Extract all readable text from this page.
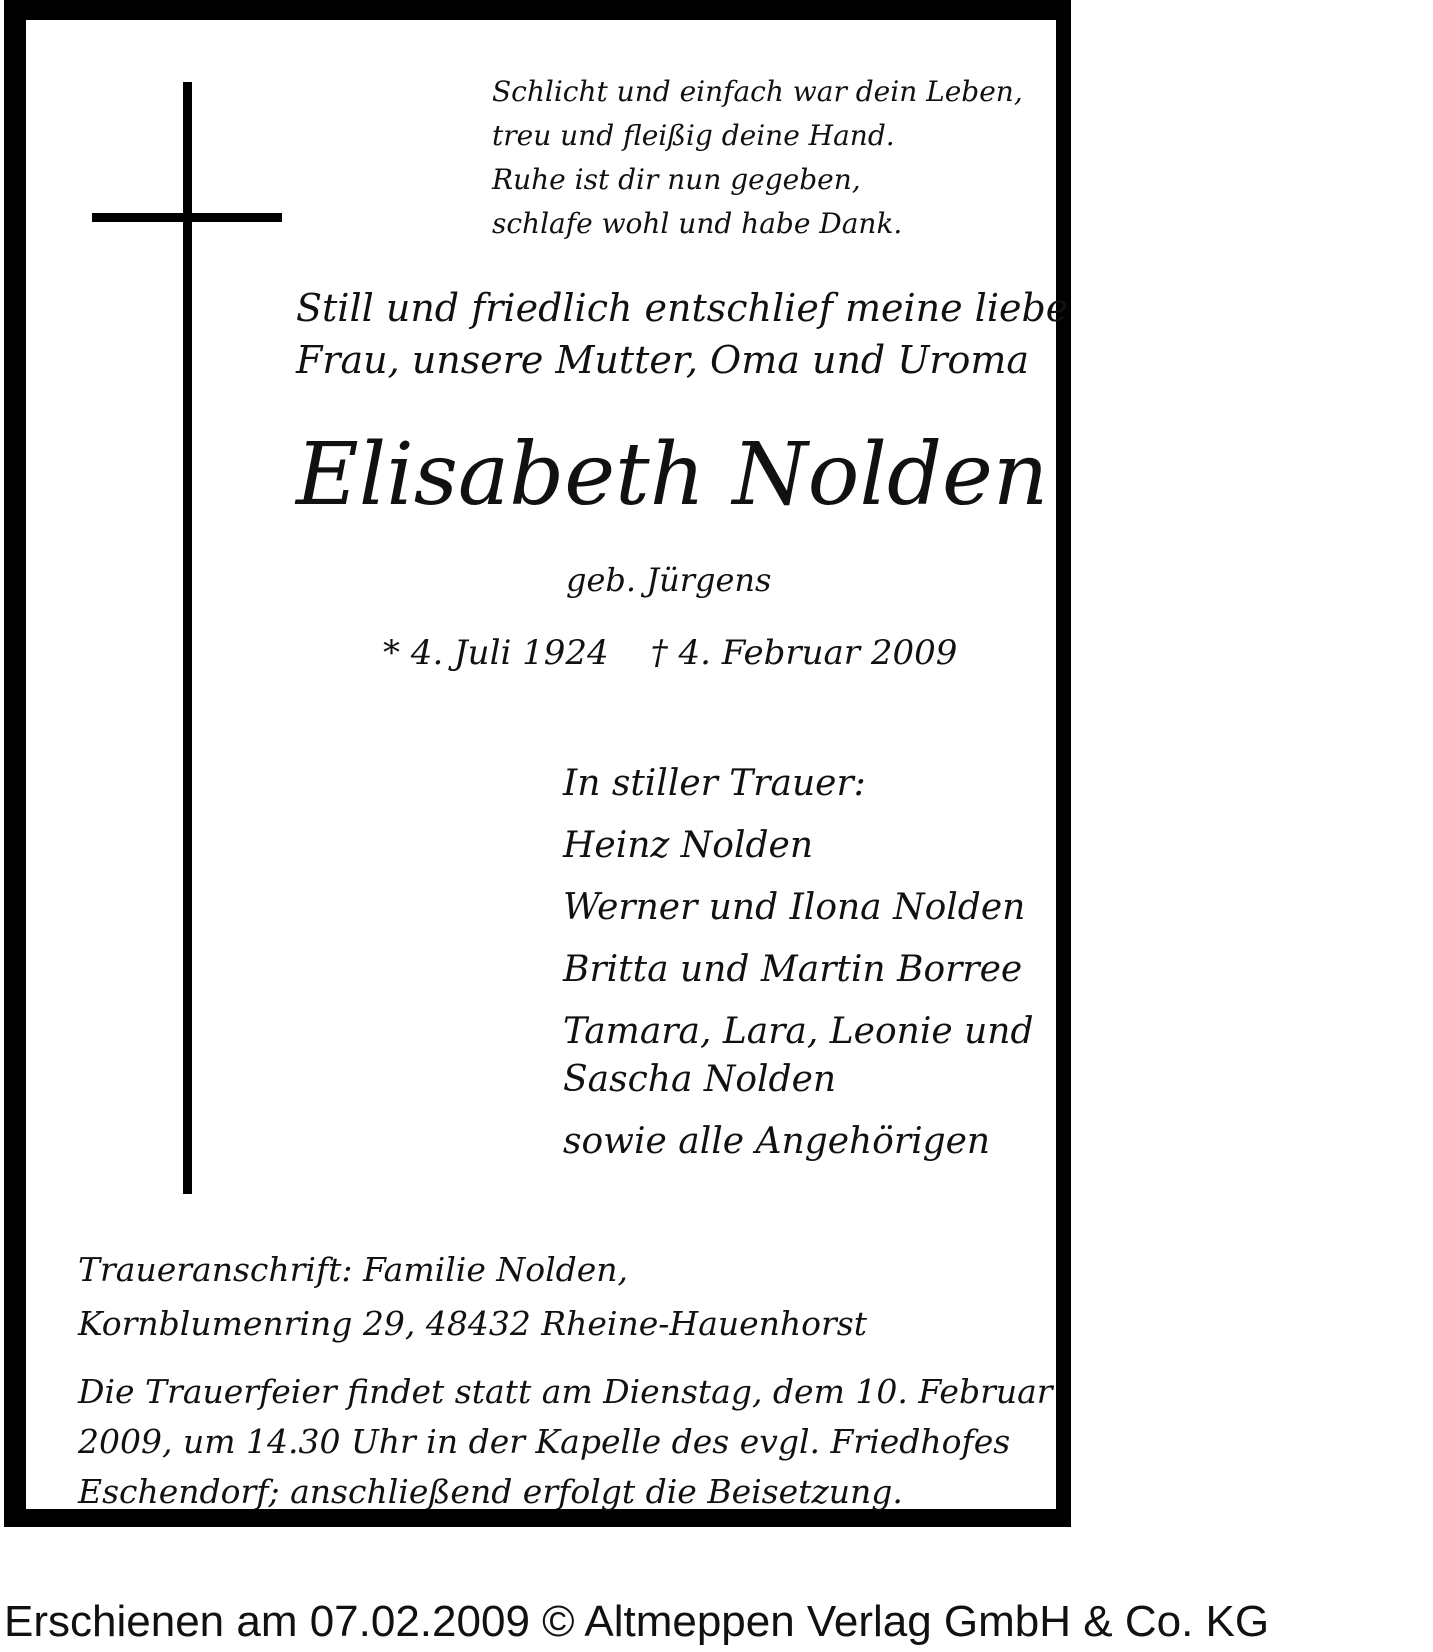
Schlicht und einfach war dein Leben,
treu und fleißig deine Hand.
Ruhe ist dir nun gegeben,
schlafe wohl und habe Dank.
Still und friedlich entschlief meine liebe
Frau, unsere Mutter, Oma und Uroma
Elisabeth Nolden
geb. Jürgens
* 4. Juli 1924 † 4. Februar 2009
In stiller Trauer:
Heinz Nolden
Werner und Ilona Nolden
Britta und Martin Borree
Tamara, Lara, Leonie und
Sascha Nolden
sowie alle Angehörigen
Traueranschrift: Familie Nolden,
Kornblumenring 29, 48432 Rheine-Hauenhorst
Die Trauerfeier findet statt am Dienstag, dem 10. Februar
2009, um 14.30 Uhr in der Kapelle des evgl. Friedhofes
Eschendorf; anschließend erfolgt die Beisetzung.
Erschienen am 07.02.2009 © Altmeppen Verlag GmbH & Co. KG
